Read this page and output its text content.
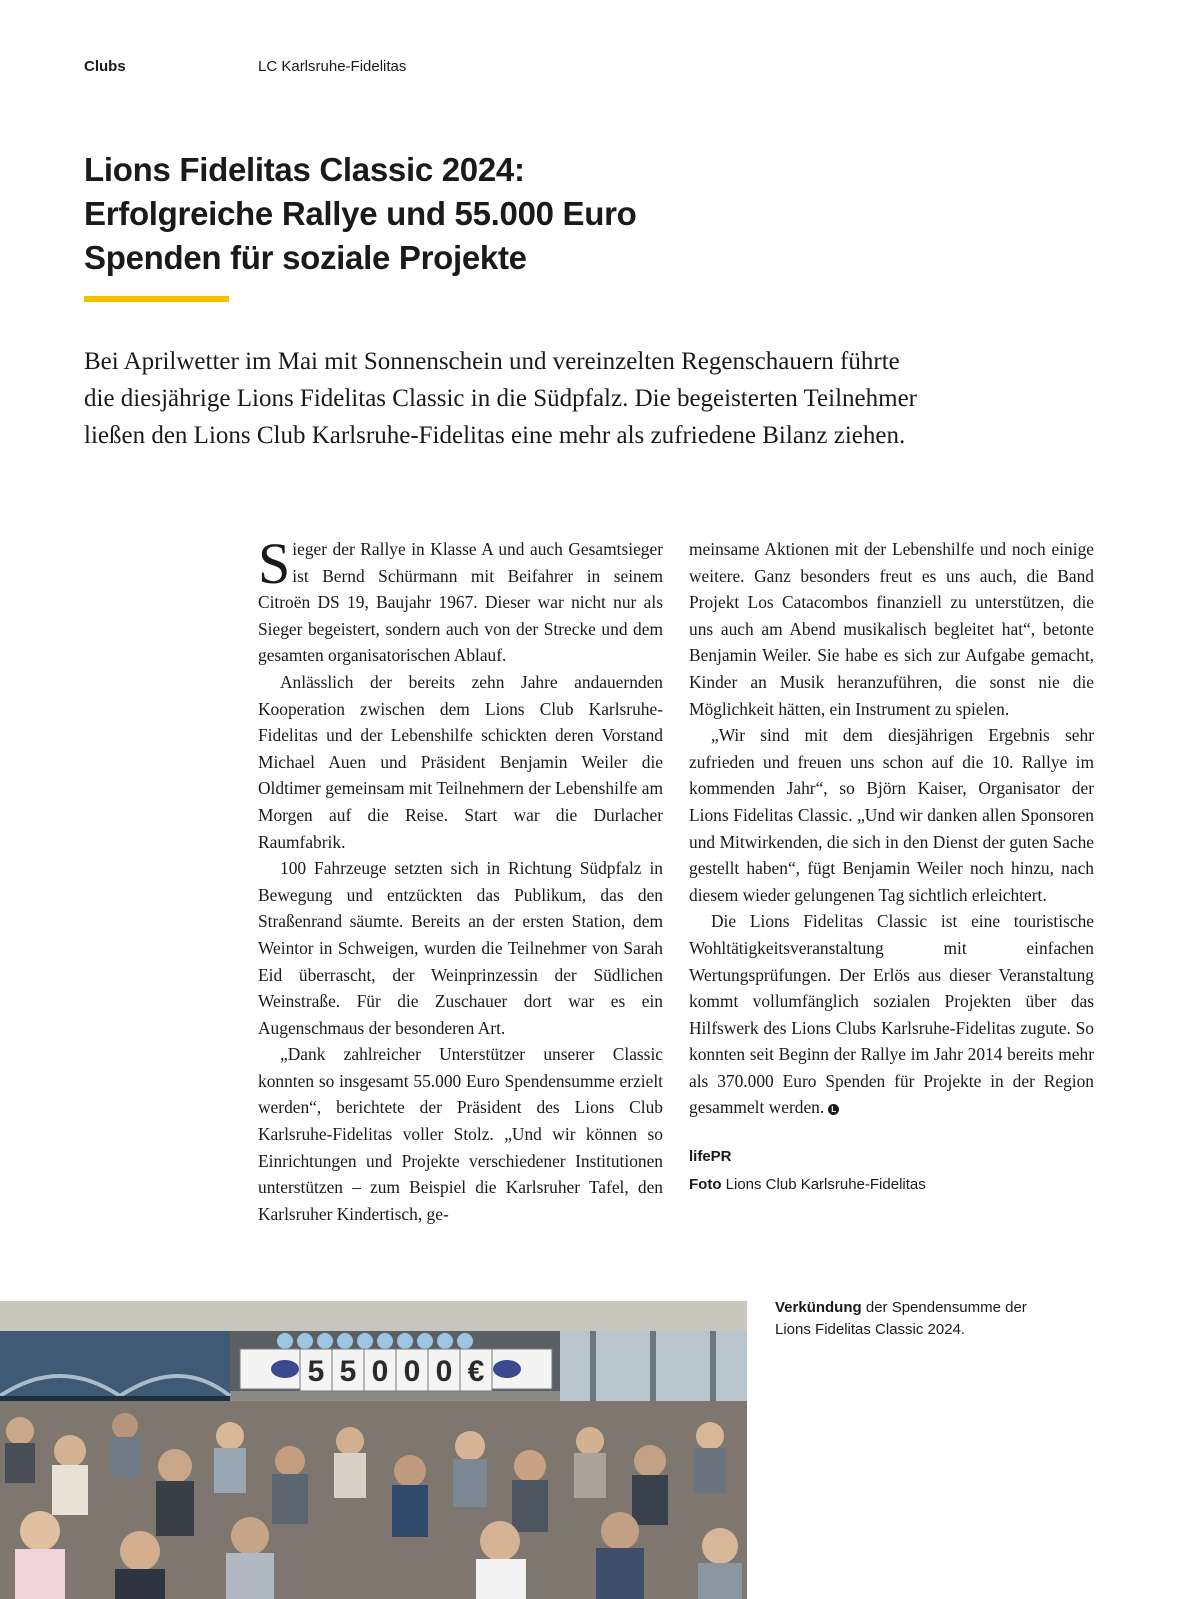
Clubs	LC Karlsruhe-Fidelitas
Lions Fidelitas Classic 2024:
Erfolgreiche Rallye und 55.000 Euro
Spenden für soziale Projekte
Bei Aprilwetter im Mai mit Sonnenschein und vereinzelten Regenschauern führte
die diesjährige Lions Fidelitas Classic in die Südpfalz. Die begeisterten Teilnehmer
ließen den Lions Club Karlsruhe-Fidelitas eine mehr als zufriedene Bilanz ziehen.

Sieger der Rallye in Klasse A und auch Gesamtsieger ist Bernd Schürmann mit Beifahrer in seinem Citroën DS 19, Baujahr 1967. Dieser war nicht nur als Sieger begeistert, sondern auch von der Strecke und dem gesamten organisatorischen Ablauf.

Anlässlich der bereits zehn Jahre andauernden Kooperation zwischen dem Lions Club Karlsruhe-Fidelitas und der Lebenshilfe schickten deren Vorstand Michael Auen und Präsident Benjamin Weiler die Oldtimer gemeinsam mit Teilnehmern der Lebenshilfe am Morgen auf die Reise. Start war die Durlacher Raumfabrik.

100 Fahrzeuge setzten sich in Richtung Südpfalz in Bewegung und entzückten das Publikum, das den Straßenrand säumte. Bereits an der ersten Station, dem Weintor in Schweigen, wurden die Teilnehmer von Sarah Eid überrascht, der Weinprinzessin der Südlichen Weinstraße. Für die Zuschauer dort war es ein Augenschmaus der besonderen Art.

„Dank zahlreicher Unterstützer unserer Classic konnten so insgesamt 55.000 Euro Spendensumme erzielt werden“, berichtete der Präsident des Lions Club Karlsruhe-Fidelitas voller Stolz. „Und wir können so Einrichtungen und Projekte verschiedener Institutionen unterstützen – zum Beispiel die Karlsruher Tafel, den Karlsruher Kindertisch, ge-

meinsame Aktionen mit der Lebenshilfe und noch einige weitere. Ganz besonders freut es uns auch, die Band Projekt Los Catacombos finanziell zu unterstützen, die uns auch am Abend musikalisch begleitet hat“, betonte Benjamin Weiler. Sie habe es sich zur Aufgabe gemacht, Kinder an Musik heranzuführen, die sonst nie die Möglichkeit hätten, ein Instrument zu spielen.

„Wir sind mit dem diesjährigen Ergebnis sehr zufrieden und freuen uns schon auf die 10. Rallye im kommenden Jahr“, so Björn Kaiser, Organisator der Lions Fidelitas Classic. „Und wir danken allen Sponsoren und Mitwirkenden, die sich in den Dienst der guten Sache gestellt haben“, fügt Benjamin Weiler noch hinzu, nach diesem wieder gelungenen Tag sichtlich erleichtert.

Die Lions Fidelitas Classic ist eine touristische Wohltätigkeitsveranstaltung mit einfachen Wertungsprüfungen. Der Erlös aus dieser Veranstaltung kommt vollumfänglich sozialen Projekten über das Hilfswerk des Lions Clubs Karlsruhe-Fidelitas zugute. So konnten seit Beginn der Rallye im Jahr 2014 bereits mehr als 370.000 Euro Spenden für Projekte in der Region gesammelt werden. L

lifePR
Foto Lions Club Karlsruhe-Fidelitas
5 5 0 0 0 €
Verkündung der Spendensumme der Lions Fidelitas Classic 2024.
